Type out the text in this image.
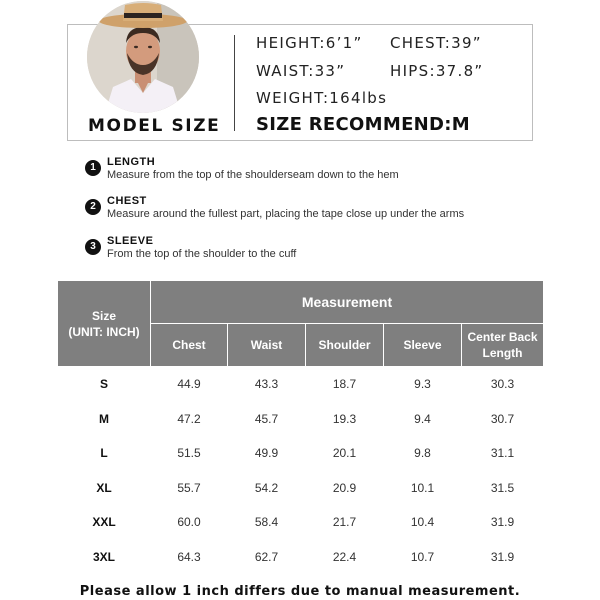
MODEL SIZE
HEIGHT:6’1” CHEST:39”
WAIST:33”	HIPS:37.8”
WEIGHT:164lbs
SIZE RECOMMEND:M
1	LENGTH
Measure from the top of the shoulderseam down to the hem
2	CHEST
Measure around the fullest part, placing the tape close up under the arms
3	SLEEVE
From the top of the shoulder to the cuff
Size
(UNIT: INCH)	Measurement				
	Chest	Waist	Shoulder	Sleeve	Center Back
Length

S	44.9	43.3	18.7	9.3	30.3
M	47.2	45.7	19.3	9.4	30.7
L	51.5	49.9	20.1	9.8	31.1
XL	55.7	54.2	20.9	10.1	31.5
XXL	60.0	58.4	21.7	10.4	31.9
3XL	64.3	62.7	22.4	10.7	31.9
Please allow 1 inch differs due to manual measurement.
